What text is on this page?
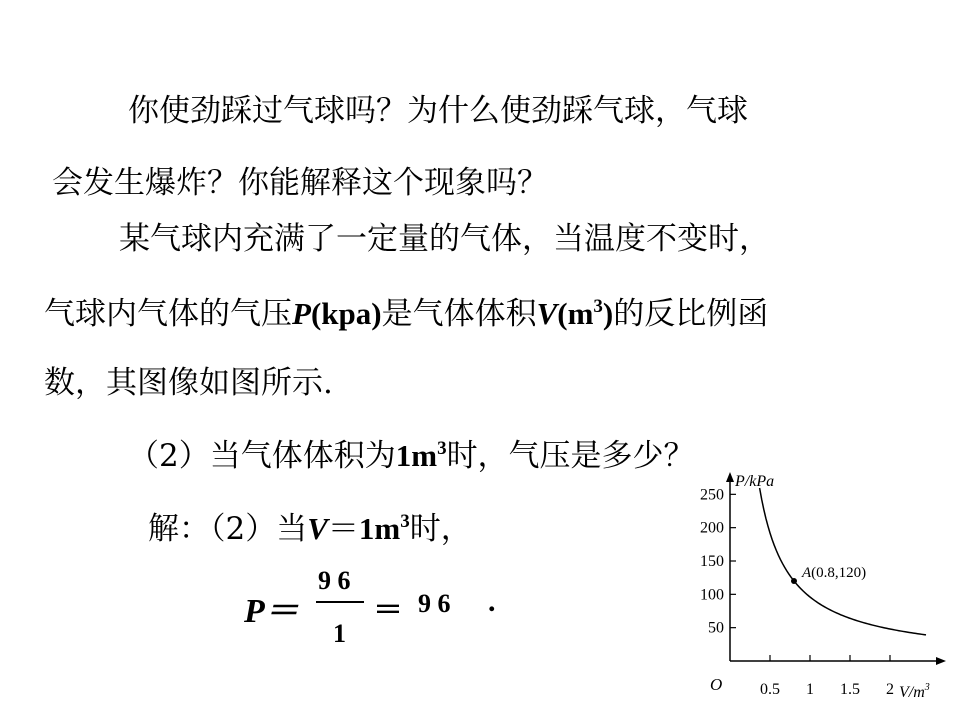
你使劲踩过气球吗？为什么使劲踩气球，气球
会发生爆炸？你能解释这个现象吗？
某气球内充满了一定量的气体，当温度不变时，
气球内气体的气压P(kpa)是气体体积$V(m^3)$的反比例函
数，其图像如图所示.
（2）当气体体积为$1m^3$时，气压是多少？
解：（2）当$V=1m^3$时，
P＝
9 6
1
＝ 9 6 .
P/kPa
$V/m^3$
O 0.5 1 1.5 2
50
100
150
200
250
A(0.8,120)
